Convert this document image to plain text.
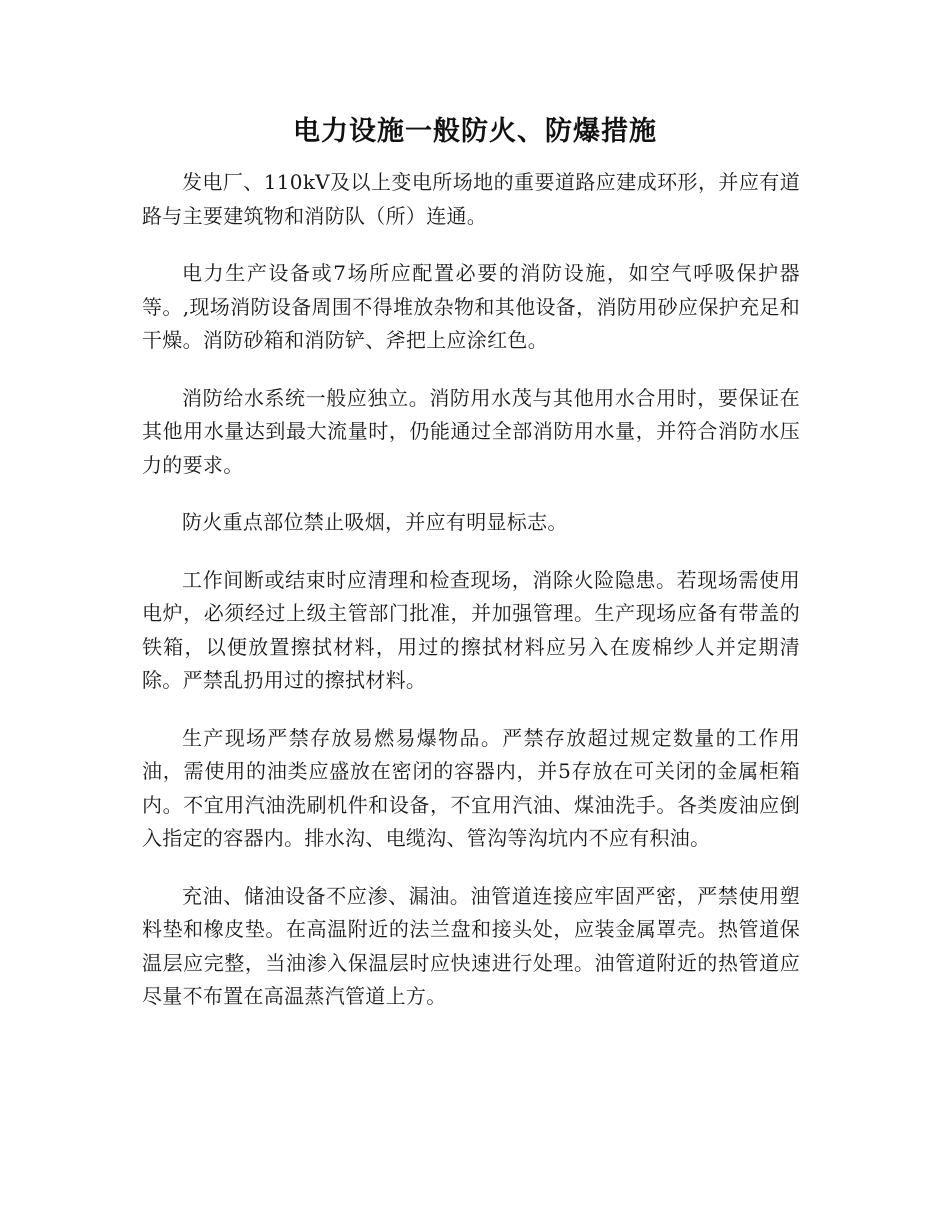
电力设施一般防火、防爆措施

发电厂、110kV及以上变电所场地的重要道路应建成环形，并应有道路与主要建筑物和消防队（所）连通。

电力生产设备或7场所应配置必要的消防设施，如空气呼吸保护器等。,现场消防设备周围不得堆放杂物和其他设备，消防用砂应保护充足和干燥。消防砂箱和消防铲、斧把上应涂红色。

消防给水系统一般应独立。消防用水茂与其他用水合用时，要保证在其他用水量达到最大流量时，仍能通过全部消防用水量，并符合消防水压力的要求。

防火重点部位禁止吸烟，并应有明显标志。

工作间断或结束时应清理和检查现场，消除火险隐患。若现场需使用电炉，必须经过上级主管部门批准，并加强管理。生产现场应备有带盖的铁箱，以便放置擦拭材料，用过的擦拭材料应另入在废棉纱人并定期清除。严禁乱扔用过的擦拭材料。

生产现场严禁存放易燃易爆物品。严禁存放超过规定数量的工作用油，需使用的油类应盛放在密闭的容器内，并5存放在可关闭的金属柜箱内。不宜用汽油洗刷机件和设备，不宜用汽油、煤油洗手。各类废油应倒入指定的容器内。排水沟、电缆沟、管沟等沟坑内不应有积油。

充油、储油设备不应渗、漏油。油管道连接应牢固严密，严禁使用塑料垫和橡皮垫。在高温附近的法兰盘和接头处，应装金属罩壳。热管道保温层应完整，当油渗入保温层时应快速进行处理。油管道附近的热管道应尽量不布置在高温蒸汽管道上方。
